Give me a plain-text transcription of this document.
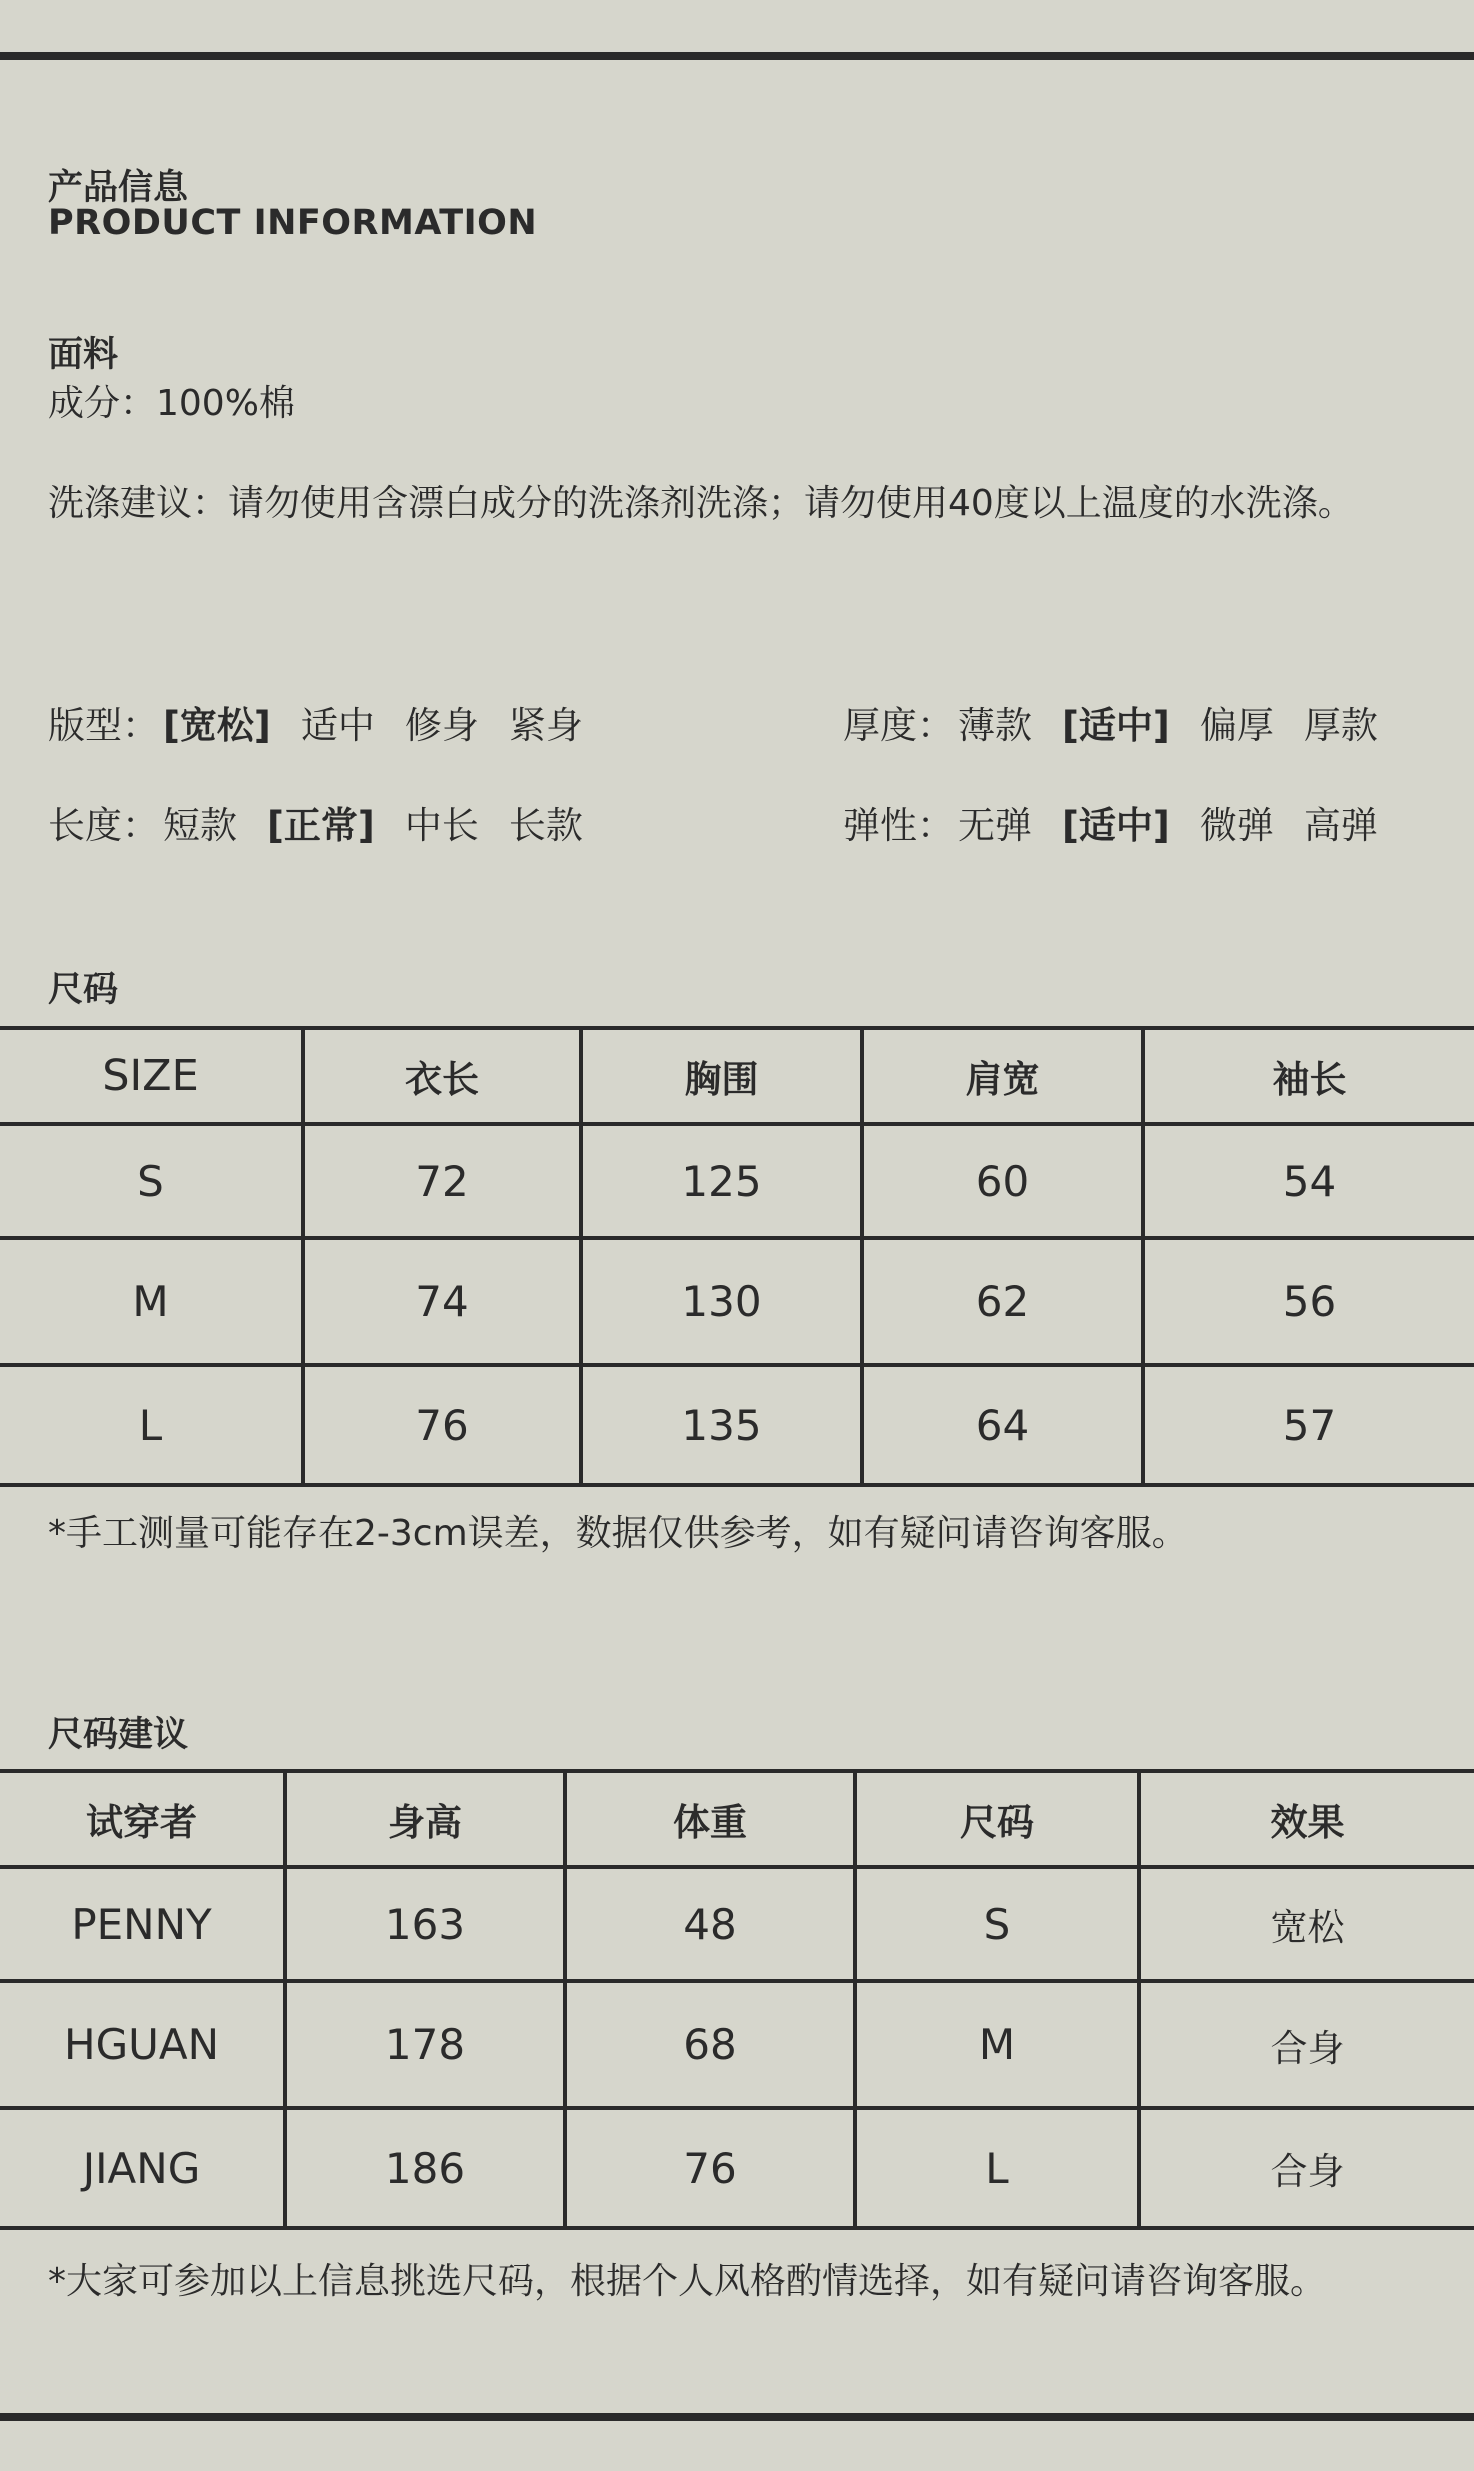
产品信息
PRODUCT INFORMATION
面料
成分：100%棉
洗涤建议：请勿使用含漂白成分的洗涤剂洗涤；请勿使用40度以上温度的水洗涤。
版型： [宽松] 适中 修身 紧身	厚度： 薄款 [适中] 偏厚 厚款
长度： 短款 [正常] 中长 长款	弹性： 无弹 [适中] 微弹 高弹
尺码
SIZE	衣长	胸围	肩宽	袖长
S	72	125	60	54
M	74	130	62	56
L	76	135	64	57
*手工测量可能存在2-3cm误差，数据仅供参考，如有疑问请咨询客服。
尺码建议
试穿者	身高	体重	尺码	效果
PENNY	163	48	S	宽松
HGUAN	178	68	M	合身
JIANG	186	76	L	合身
*大家可参加以上信息挑选尺码，根据个人风格酌情选择，如有疑问请咨询客服。
